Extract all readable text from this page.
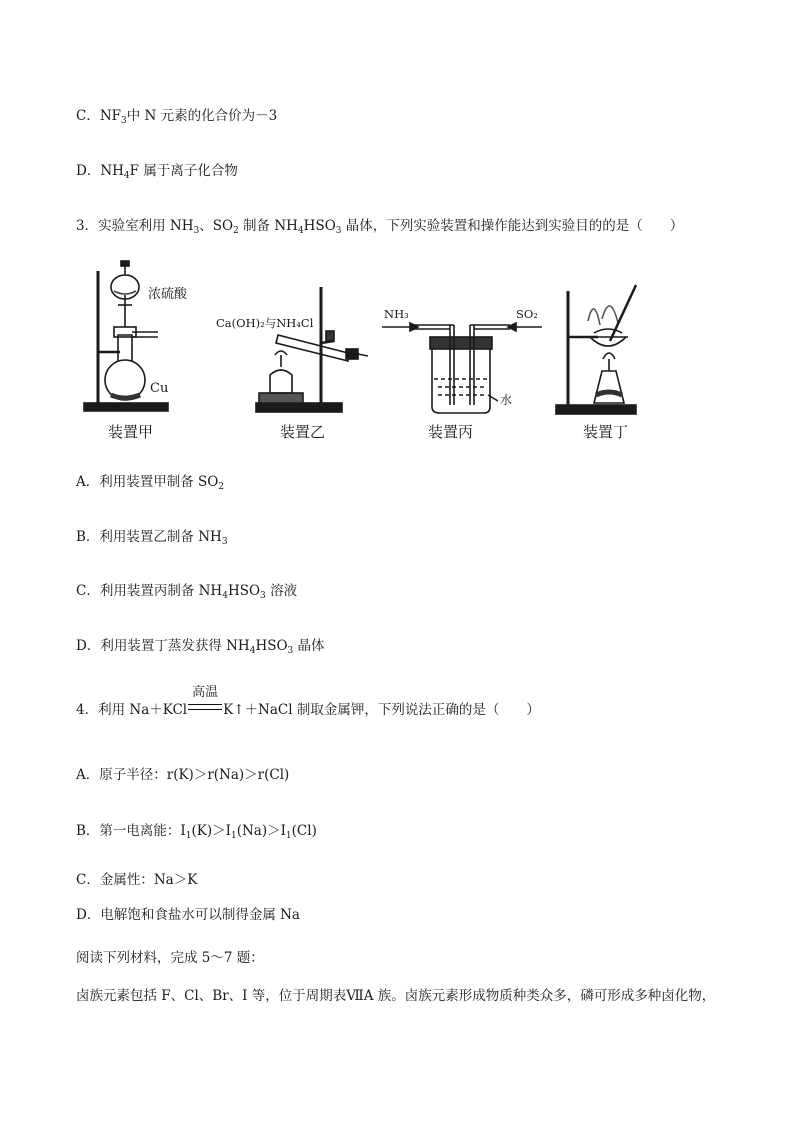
C．$NF_3$中 N 元素的化合价为－3
D．$NH_4F$ 属于离子化合物
3．实验室利用 $NH_3$、$SO_2$ 制备 $NH_4HSO_3$ 晶体，下列实验装置和操作能达到实验目的的是（　　）
浓硫酸
Cu
Ca(OH)₂与NH₄Cl
NH₃	SO₂
水
装置甲	装置乙	装置丙	装置丁
A．利用装置甲制备 $SO_2$
B．利用装置乙制备 $NH_3$
C．利用装置丙制备 $NH_4HSO_3$ 溶液
D．利用装置丁蒸发获得 $NH_4HSO_3$ 晶体
4．利用 Na＋KCl
高温
K↑＋NaCl 制取金属钾，下列说法正确的是（　　）
A．原子半径：r(K)＞r(Na)＞r(Cl)
B．第一电离能：$I_1(K)>I_1(Na)>I_1(Cl)$
C．金属性：Na＞K
D．电解饱和食盐水可以制得金属 Na
阅读下列材料，完成 5～7 题：
卤族元素包括 F、Cl、Br、I 等，位于周期表ⅦA 族。卤族元素形成物质种类众多，磷可形成多种卤化物，
